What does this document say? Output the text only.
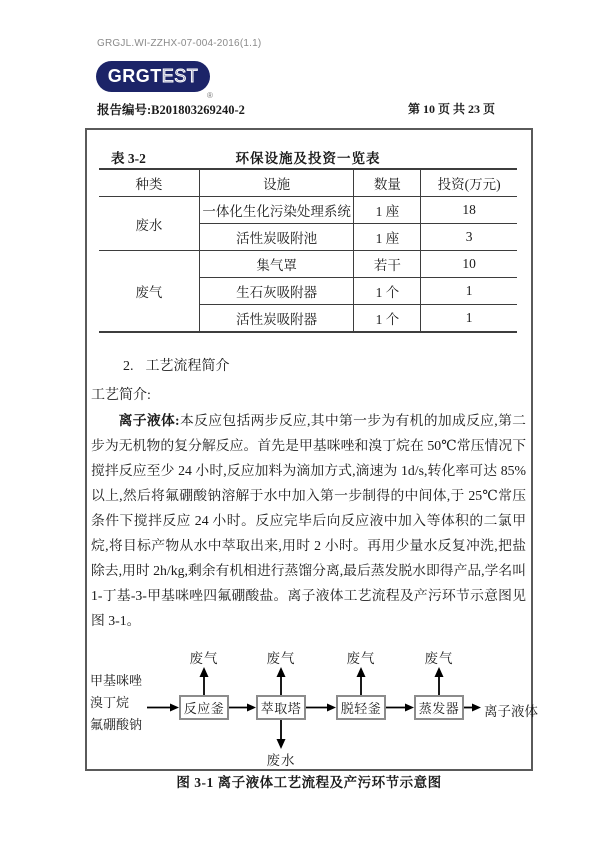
GRGJL.WI-ZZHX-07-004-2016(1.1)
GRGT EST
®
报告编号:B201803269240-2	第 10 页 共 23 页
表 3-2	环保设施及投资一览表
种类	设施	数量	投资(万元)
废水	一体化生化污染处理系统	1 座	18
	活性炭吸附池	1 座	3
废气	集气罩	若干	10
	生石灰吸附器	1 个	1
	活性炭吸附器	1 个	1
2. 工艺流程简介
工艺简介:

离子液体:本反应包括两步反应,其中第一步为有机的加成反应,第二步为无机物的复分解反应。首先是甲基咪唑和溴丁烷在 50℃常压情况下搅拌反应至少 24 小时,反应加料为滴加方式,滴速为 1d/s,转化率可达 85%以上,然后将氟硼酸钠溶解于水中加入第一步制得的中间体,于 25℃常压条件下搅拌反应 24 小时。反应完毕后向反应液中加入等体积的二氯甲烷,将目标产物从水中萃取出来,用时 2 小时。再用少量水反复冲洗,把盐除去,用时 2h/kg,剩余有机相进行蒸馏分离,最后蒸发脱水即得产品,学名叫 1-丁基-3-甲基咪唑四氟硼酸盐。离子液体工艺流程及产污环节示意图见图 3-1。

废气	废气	废气	废气
甲基咪唑
溴丁烷
氟硼酸钠
反应釜	萃取塔	脱轻釜	蒸发器	离子液体
废水
图 3-1 离子液体工艺流程及产污环节示意图
